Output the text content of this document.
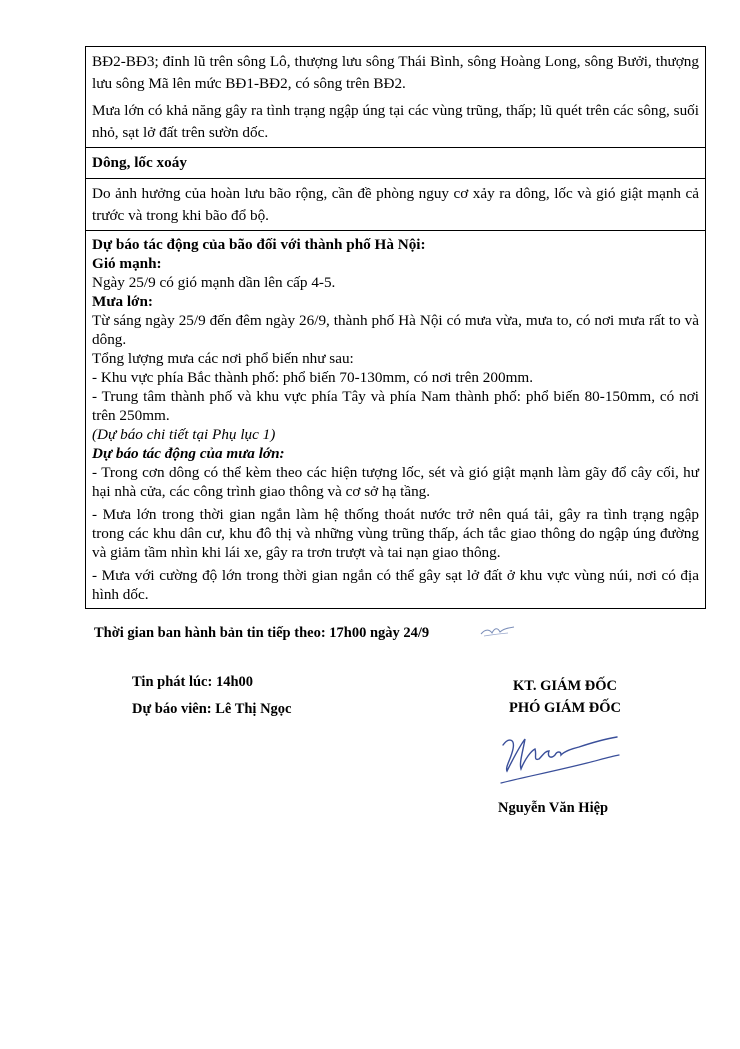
BĐ2-BĐ3; đỉnh lũ trên sông Lô, thượng lưu sông Thái Bình, sông Hoàng Long, sông Bưởi, thượng lưu sông Mã lên mức BĐ1-BĐ2, có sông trên BĐ2.

Mưa lớn có khả năng gây ra tình trạng ngập úng tại các vùng trũng, thấp; lũ quét trên các sông, suối nhỏ, sạt lở đất trên sườn dốc.

Dông, lốc xoáy

Do ảnh hưởng của hoàn lưu bão rộng, cần đề phòng nguy cơ xảy ra dông, lốc và gió giật mạnh cả trước và trong khi bão đổ bộ.

Dự báo tác động của bão đối với thành phố Hà Nội:

Gió mạnh:

Ngày 25/9 có gió mạnh dần lên cấp 4-5.

Mưa lớn:

Từ sáng ngày 25/9 đến đêm ngày 26/9, thành phố Hà Nội có mưa vừa, mưa to, có nơi mưa rất to và dông.

Tổng lượng mưa các nơi phổ biến như sau:

- Khu vực phía Bắc thành phố: phổ biến 70-130mm, có nơi trên 200mm.

- Trung tâm thành phố và khu vực phía Tây và phía Nam thành phố: phổ biến 80-150mm, có nơi trên 250mm.

(Dự báo chi tiết tại Phụ lục 1)

Dự báo tác động của mưa lớn:

- Trong cơn dông có thể kèm theo các hiện tượng lốc, sét và gió giật mạnh làm gãy đổ cây cối, hư hại nhà cửa, các công trình giao thông và cơ sở hạ tầng.

- Mưa lớn trong thời gian ngắn làm hệ thống thoát nước trở nên quá tải, gây ra tình trạng ngập trong các khu dân cư, khu đô thị và những vùng trũng thấp, ách tắc giao thông do ngập úng đường và giảm tầm nhìn khi lái xe, gây ra trơn trượt và tai nạn giao thông.

- Mưa với cường độ lớn trong thời gian ngắn có thể gây sạt lở đất ở khu vực vùng núi, nơi có địa hình dốc.

Thời gian ban hành bản tin tiếp theo: 17h00 ngày 24/9
Tin phát lúc: 14h00
Dự báo viên: Lê Thị Ngọc
KT. GIÁM ĐỐC
PHÓ GIÁM ĐỐC
Nguyễn Văn Hiệp
